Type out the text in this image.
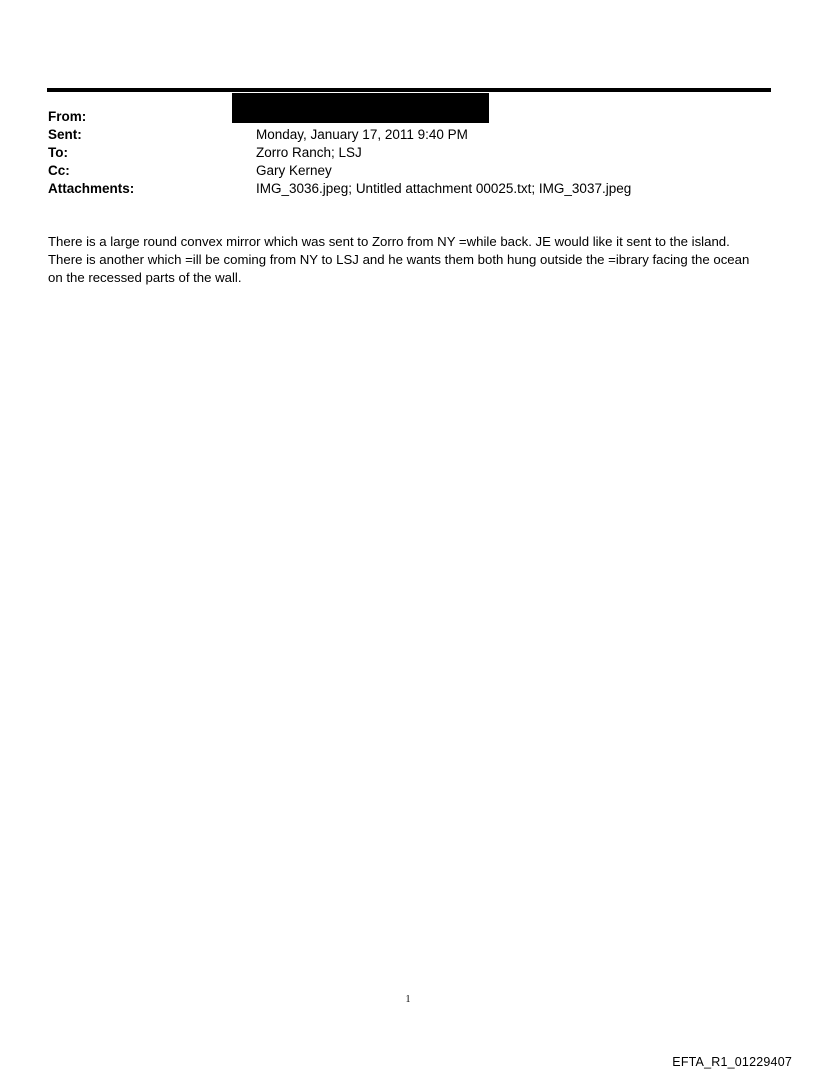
From:
Sent:	Monday, January 17, 2011 9:40 PM
To:	Zorro Ranch; LSJ
Cc:	Gary Kerney
Attachments:	IMG_3036.jpeg; Untitled attachment 00025.txt; IMG_3037.jpeg

There is a large round convex mirror which was sent to Zorro from NY =while back. JE would like it sent to the island.

There is another which =ill be coming from NY to LSJ and he wants them both hung outside the =ibrary facing the ocean

on the recessed parts of the wall.

1
EFTA_R1_01229407
